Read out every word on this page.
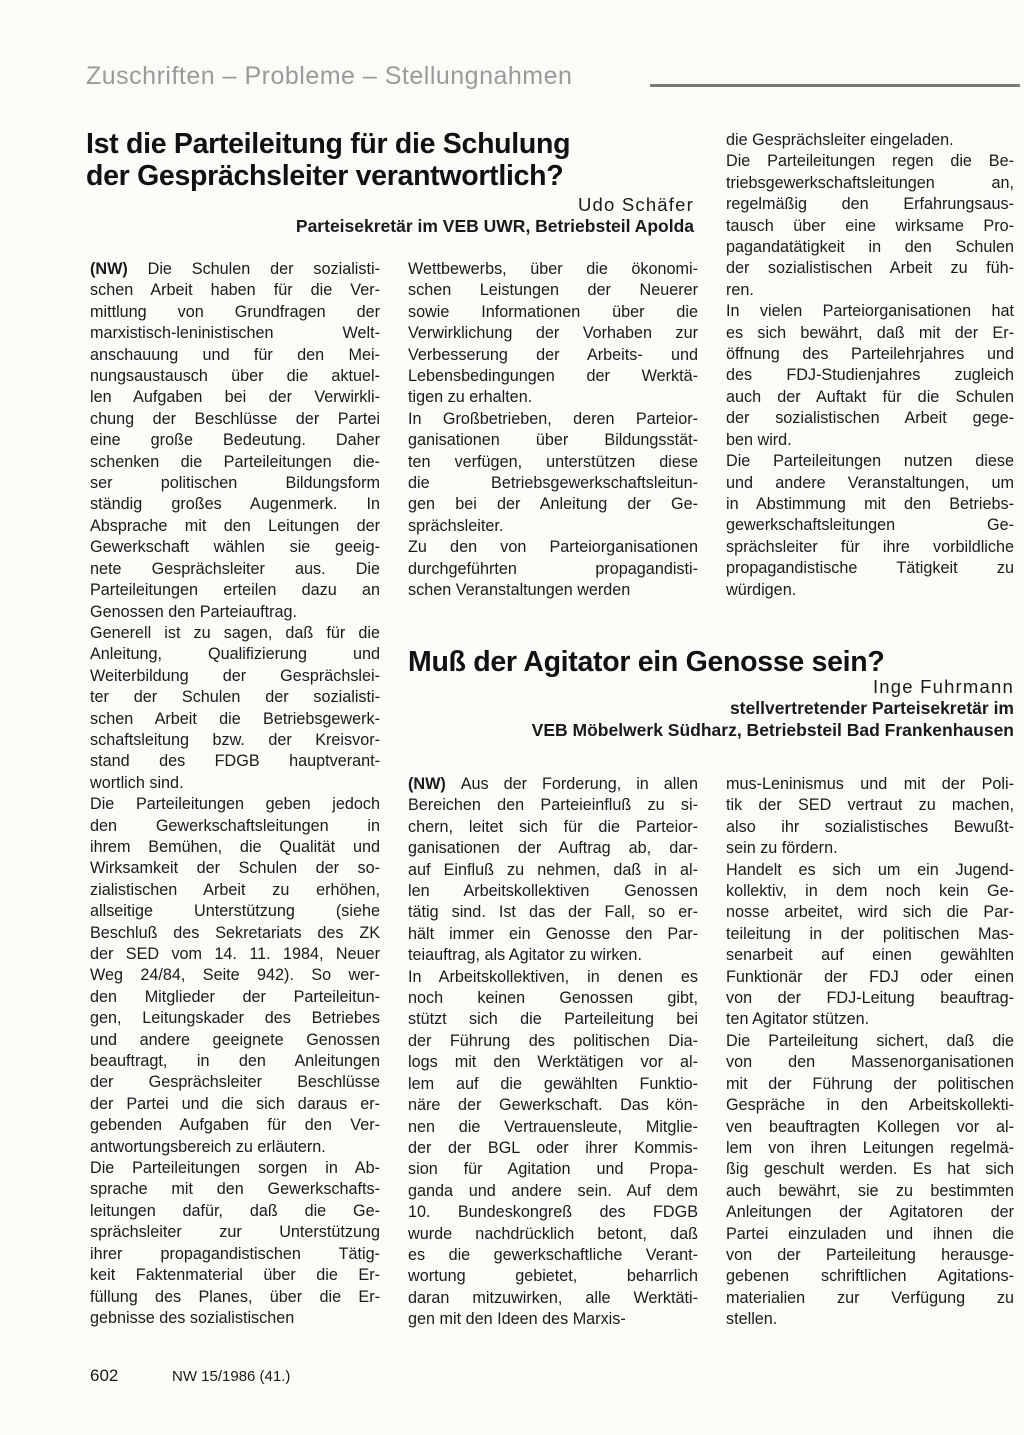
Zuschriften – Probleme – Stellungnahmen
Ist die Parteileitung für die Schulung
der Gesprächsleiter verantwortlich?
Udo Schäfer
Parteisekretär im VEB UWR, Betriebsteil Apolda
(NW) Die Schulen der sozialisti-
schen Arbeit haben für die Ver-
mittlung von Grundfragen der
marxistisch-leninistischen Welt-
anschauung und für den Mei-
nungsaustausch über die aktuel-
len Aufgaben bei der Verwirkli-
chung der Beschlüsse der Partei
eine große Bedeutung. Daher
schenken die Parteileitungen die-
ser politischen Bildungsform
ständig großes Augenmerk. In
Absprache mit den Leitungen der
Gewerkschaft wählen sie geeig-
nete Gesprächsleiter aus. Die
Parteileitungen erteilen dazu an
Genossen den Parteiauftrag.
Generell ist zu sagen, daß für die
Anleitung, Qualifizierung und
Weiterbildung der Gesprächslei-
ter der Schulen der sozialisti-
schen Arbeit die Betriebsgewerk-
schaftsleitung bzw. der Kreisvor-
stand des FDGB hauptverant-
wortlich sind.
Die Parteileitungen geben jedoch
den Gewerkschaftsleitungen in
ihrem Bemühen, die Qualität und
Wirksamkeit der Schulen der so-
zialistischen Arbeit zu erhöhen,
allseitige Unterstützung (siehe
Beschluß des Sekretariats des ZK
der SED vom 14. 11. 1984, Neuer
Weg 24/84, Seite 942). So wer-
den Mitglieder der Parteileitun-
gen, Leitungskader des Betriebes
und andere geeignete Genossen
beauftragt, in den Anleitungen
der Gesprächsleiter Beschlüsse
der Partei und die sich daraus er-
gebenden Aufgaben für den Ver-
antwortungsbereich zu erläutern.
Die Parteileitungen sorgen in Ab-
sprache mit den Gewerkschafts-
leitungen dafür, daß die Ge-
sprächsleiter zur Unterstützung
ihrer propagandistischen Tätig-
keit Faktenmaterial über die Er-
füllung des Planes, über die Er-
gebnisse des sozialistischen
Wettbewerbs, über die ökonomi-
schen Leistungen der Neuerer
sowie Informationen über die
Verwirklichung der Vorhaben zur
Verbesserung der Arbeits- und
Lebensbedingungen der Werktä-
tigen zu erhalten.
In Großbetrieben, deren Parteior-
ganisationen über Bildungsstät-
ten verfügen, unterstützen diese
die Betriebsgewerkschaftsleitun-
gen bei der Anleitung der Ge-
sprächsleiter.
Zu den von Parteiorganisationen
durchgeführten propagandisti-
schen Veranstaltungen werden
die Gesprächsleiter eingeladen.
Die Parteileitungen regen die Be-
triebsgewerkschaftsleitungen an,
regelmäßig den Erfahrungsaus-
tausch über eine wirksame Pro-
pagandatätigkeit in den Schulen
der sozialistischen Arbeit zu füh-
ren.
In vielen Parteiorganisationen hat
es sich bewährt, daß mit der Er-
öffnung des Parteilehrjahres und
des FDJ-Studienjahres zugleich
auch der Auftakt für die Schulen
der sozialistischen Arbeit gege-
ben wird.
Die Parteileitungen nutzen diese
und andere Veranstaltungen, um
in Abstimmung mit den Betriebs-
gewerkschaftsleitungen Ge-
sprächsleiter für ihre vorbildliche
propagandistische Tätigkeit zu
würdigen.
Muß der Agitator ein Genosse sein?
Inge Fuhrmann
stellvertretender Parteisekretär im
VEB Möbelwerk Südharz, Betriebsteil Bad Frankenhausen
(NW) Aus der Forderung, in allen
Bereichen den Parteieinfluß zu si-
chern, leitet sich für die Parteior-
ganisationen der Auftrag ab, dar-
auf Einfluß zu nehmen, daß in al-
len Arbeitskollektiven Genossen
tätig sind. Ist das der Fall, so er-
hält immer ein Genosse den Par-
teiauftrag, als Agitator zu wirken.
In Arbeitskollektiven, in denen es
noch keinen Genossen gibt,
stützt sich die Parteileitung bei
der Führung des politischen Dia-
logs mit den Werktätigen vor al-
lem auf die gewählten Funktio-
näre der Gewerkschaft. Das kön-
nen die Vertrauensleute, Mitglie-
der der BGL oder ihrer Kommis-
sion für Agitation und Propa-
ganda und andere sein. Auf dem
10. Bundeskongreß des FDGB
wurde nachdrücklich betont, daß
es die gewerkschaftliche Verant-
wortung gebietet, beharrlich
daran mitzuwirken, alle Werktäti-
gen mit den Ideen des Marxis-
mus-Leninismus und mit der Poli-
tik der SED vertraut zu machen,
also ihr sozialistisches Bewußt-
sein zu fördern.
Handelt es sich um ein Jugend-
kollektiv, in dem noch kein Ge-
nosse arbeitet, wird sich die Par-
teileitung in der politischen Mas-
senarbeit auf einen gewählten
Funktionär der FDJ oder einen
von der FDJ-Leitung beauftrag-
ten Agitator stützen.
Die Parteileitung sichert, daß die
von den Massenorganisationen
mit der Führung der politischen
Gespräche in den Arbeitskollekti-
ven beauftragten Kollegen vor al-
lem von ihren Leitungen regelmä-
ßig geschult werden. Es hat sich
auch bewährt, sie zu bestimmten
Anleitungen der Agitatoren der
Partei einzuladen und ihnen die
von der Parteileitung herausge-
gebenen schriftlichen Agitations-
materialien zur Verfügung zu
stellen.
602	NW 15/1986 (41.)
